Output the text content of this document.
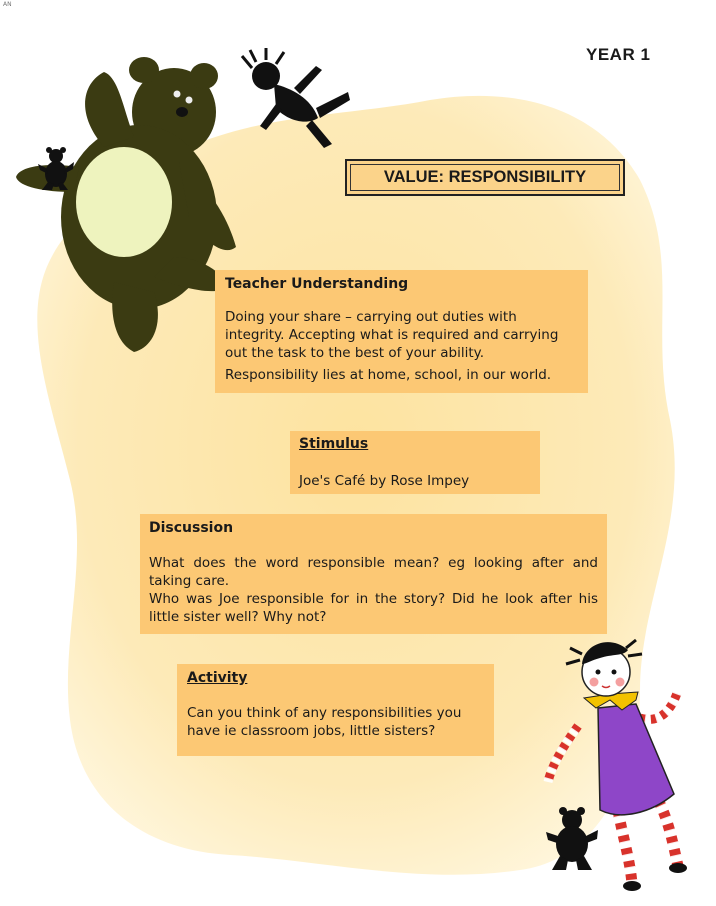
AN
YEAR 1
VALUE: RESPONSIBILITY

Teacher Understanding

Doing your share – carrying out duties with integrity. Accepting what is required and carrying out the task to the best of your ability.

Responsibility lies at home, school, in our world.

Stimulus

Joe's Café by Rose Impey

Discussion

What does the word responsible mean? eg looking after and taking care.

Who was Joe responsible for in the story? Did he look after his little sister well? Why not?

Activity

Can you think of any responsibilities you have ie classroom jobs, little sisters?
